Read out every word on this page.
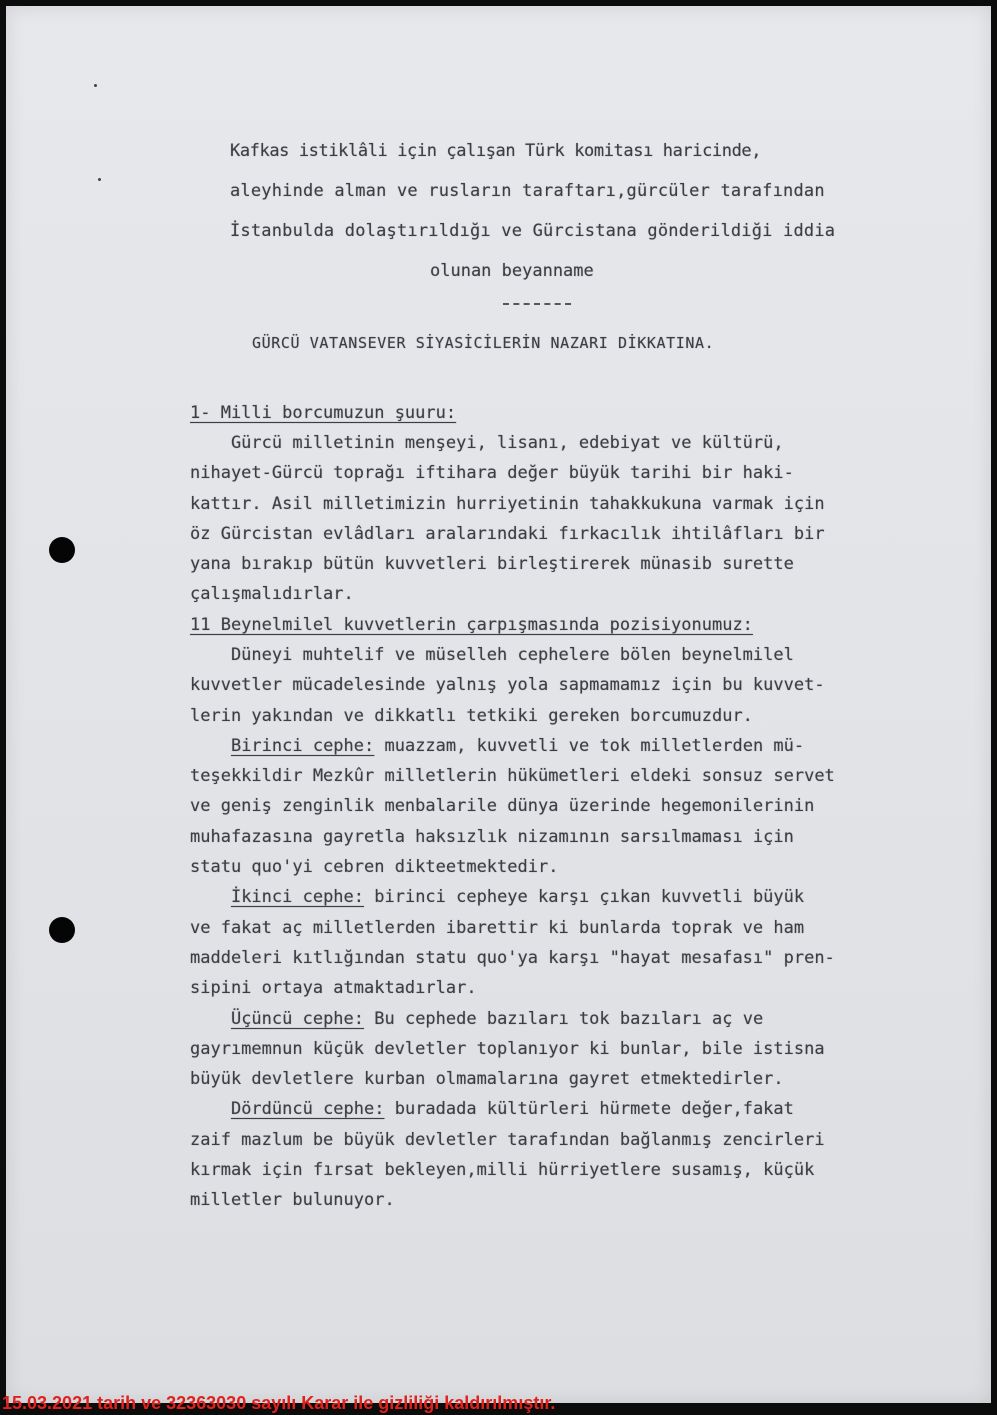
Kafkas istiklâli için çalışan Türk komitası haricinde,
aleyhinde alman ve rusların taraftarı,gürcüler tarafından
İstanbulda dolaştırıldığı ve Gürcistana gönderildiği iddia
olunan beyanname
GÜRCÜ VATANSEVER SİYASİCİLERİN NAZARI DİKKATINA.
1- Milli borcumuzun şuuru:
Gürcü milletinin menşeyi, lisanı, edebiyat ve kültürü,
nihayet-Gürcü toprağı iftihara değer büyük tarihi bir haki-
kattır. Asil milletimizin hurriyetinin tahakkukuna varmak için
öz Gürcistan evlâdları aralarındaki fırkacılık ihtilâfları bir
yana bırakıp bütün kuvvetleri birleştirerek münasib surette
çalışmalıdırlar.
11 Beynelmilel kuvvetlerin çarpışmasında pozisiyonumuz:
Düneyi muhtelif ve müselleh cephelere bölen beynelmilel
kuvvetler mücadelesinde yalnış yola sapmamamız için bu kuvvet-
lerin yakından ve dikkatlı tetkiki gereken borcumuzdur.
Birinci cephe: muazzam, kuvvetli ve tok milletlerden mü-
teşekkildir Mezkûr milletlerin hükümetleri eldeki sonsuz servet
ve geniş zenginlik menbalarile dünya üzerinde hegemonilerinin
muhafazasına gayretla haksızlık nizamının sarsılmaması için
statu quo'yi cebren dikteetmektedir.
İkinci cephe: birinci cepheye karşı çıkan kuvvetli büyük
ve fakat aç milletlerden ibarettir ki bunlarda toprak ve ham
maddeleri kıtlığından statu quo'ya karşı "hayat mesafası" pren-
sipini ortaya atmaktadırlar.
Üçüncü cephe: Bu cephede bazıları tok bazıları aç ve
gayrımemnun küçük devletler toplanıyor ki bunlar, bile istisna
büyük devletlere kurban olmamalarına gayret etmektedirler.
Dördüncü cephe: buradada kültürleri hürmete değer,fakat
zaif mazlum be büyük devletler tarafından bağlanmış zencirleri
kırmak için fırsat bekleyen,milli hürriyetlere susamış, küçük
milletler bulunuyor.
15.03.2021 tarih ve 32363030 sayılı Karar ile gizliliği kaldırılmıştır.
